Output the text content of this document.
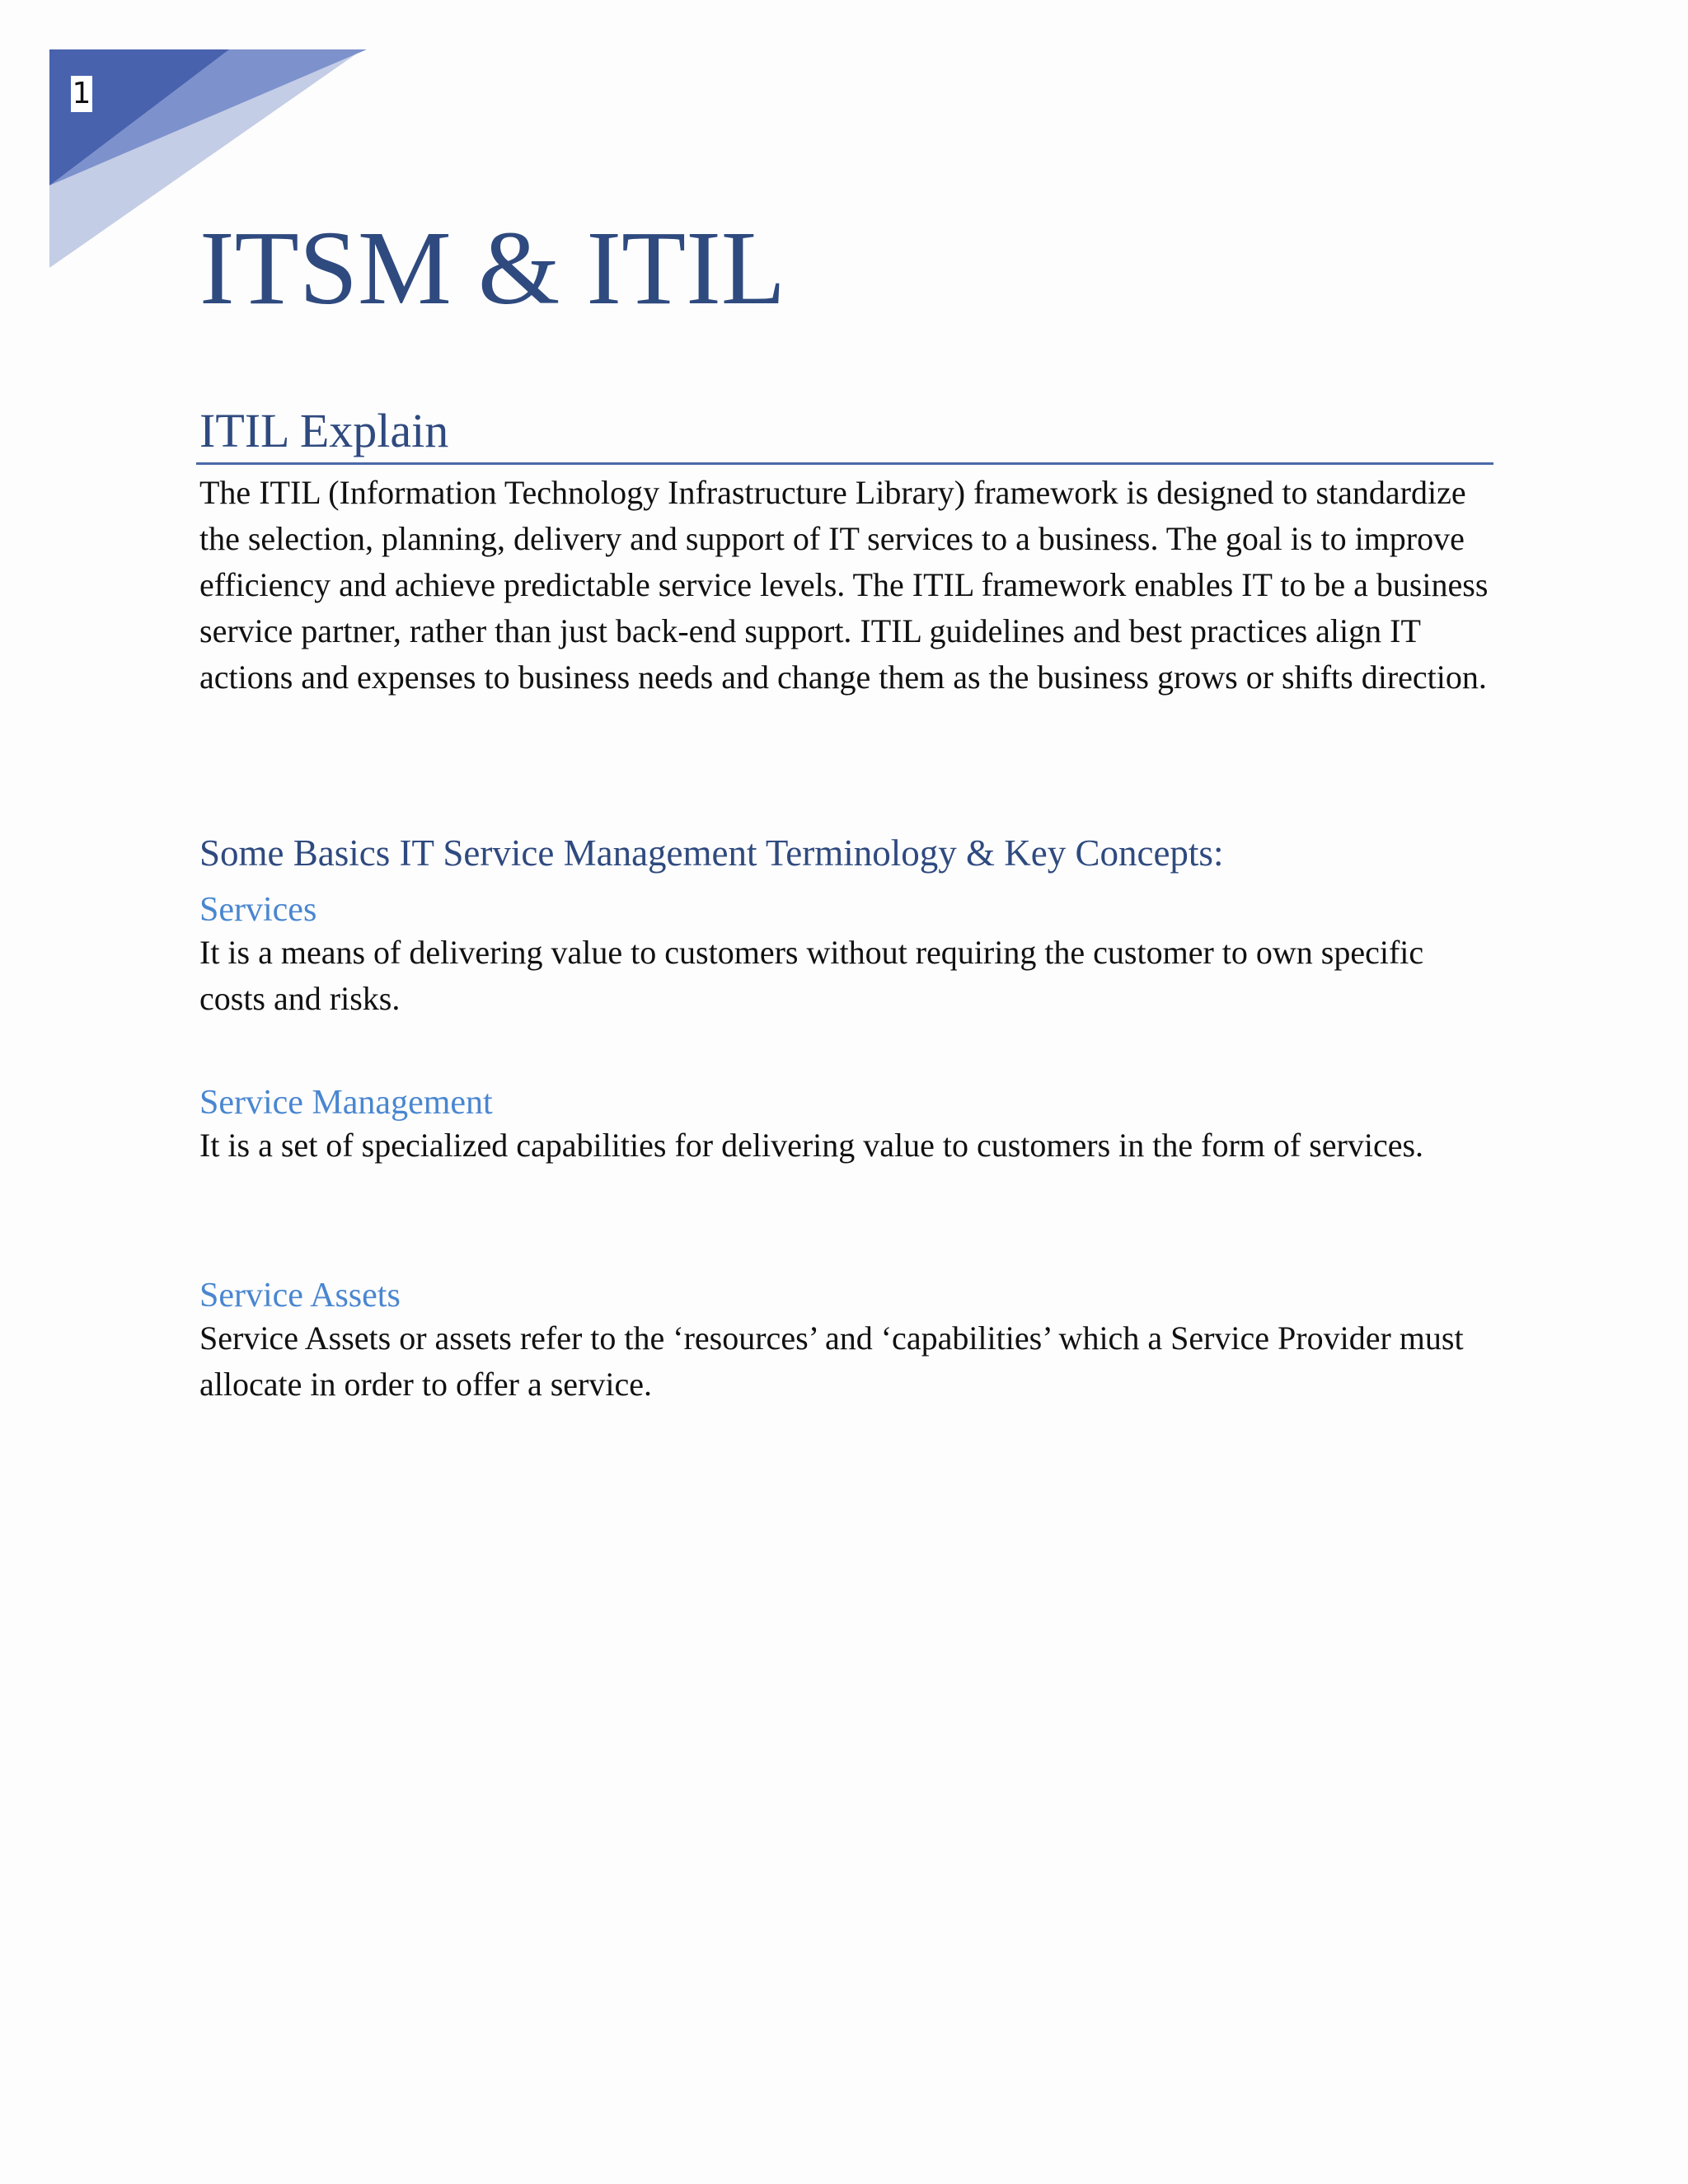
1
ITSM & ITIL
ITIL Explain

The ITIL (Information Technology Infrastructure Library) framework is designed to standardize the selection, planning, delivery and support of IT services to a business. The goal is to improve efficiency and achieve predictable service levels. The ITIL framework enables IT to be a business service partner, rather than just back-end support. ITIL guidelines and best practices align IT actions and expenses to business needs and change them as the business grows or shifts direction.

Some Basics IT Service Management Terminology & Key Concepts:
Services

It is a means of delivering value to customers without requiring the customer to own specific costs and risks.

Service Management

It is a set of specialized capabilities for delivering value to customers in the form of services.

Service Assets

Service Assets or assets refer to the ‘resources’ and ‘capabilities’ which a Service Provider must allocate in order to offer a service.
